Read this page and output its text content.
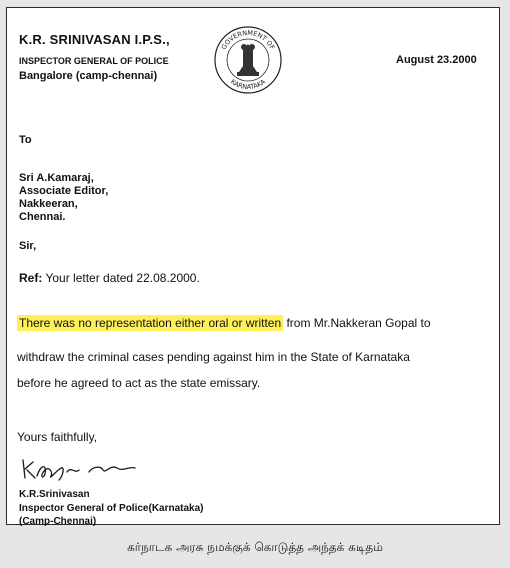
K.R. SRINIVASAN I.P.S.,
INSPECTOR GENERAL OF POLICE
Bangalore (camp-chennai)
GOVERNMENT OF
KARNATAKA
August 23.2000
To
Sri A.Kamaraj,
Associate Editor,
Nakkeeran,
Chennai.
Sir,
Ref: Your letter dated 22.08.2000.
There was no representation either oral or written from Mr.Nakkeran Gopal to
withdraw the criminal cases pending against him in the State of Karnataka
before he agreed to act as the state emissary.
Yours faithfully,
K.R.Srinivasan
Inspector General of Police(Karnataka)
(Camp-Chennai)
கர்நாடக அரசு நமக்குக் கொடுத்த அந்தக் கடிதம்
